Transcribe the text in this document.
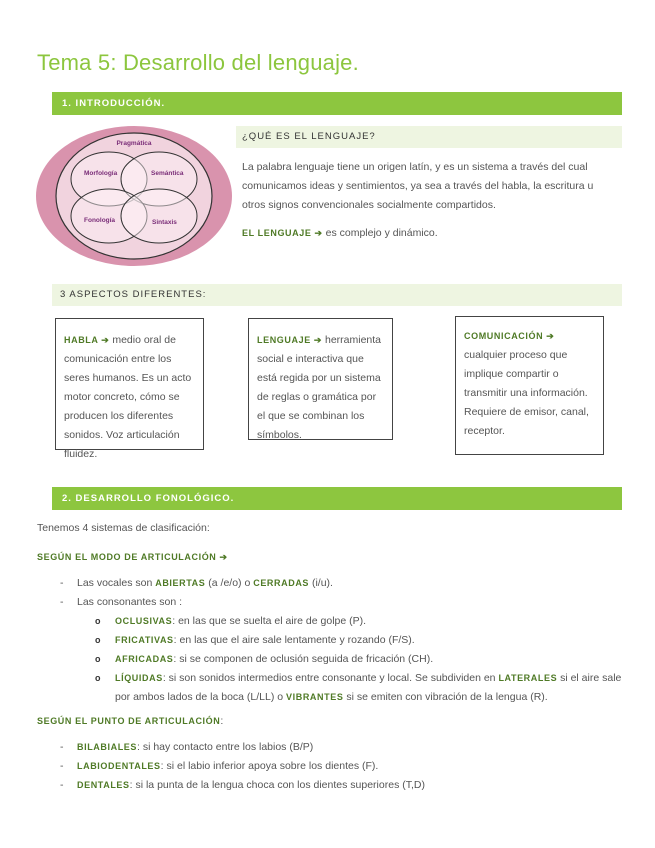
Tema 5: Desarrollo del lenguaje.
1. INTRODUCCIÓN.
Pragmática
Morfología	Semántica
Fonología	Sintaxis
¿QUÉ ES EL LENGUAJE?
La palabra lenguaje tiene un origen latín, y es un sistema a través del cual comunicamos ideas y sentimientos, ya sea a través del habla, la escritura u otros signos convencionales socialmente compartidos.
EL LENGUAJE ➔ es complejo y dinámico.
3 ASPECTOS DIFERENTES:
HABLA ➔ medio oral de comunicación entre los seres humanos. Es un acto motor concreto, cómo se producen los diferentes sonidos. Voz articulación fluidez.
LENGUAJE ➔ herramienta social e interactiva que está regida por un sistema de reglas o gramática por el que se combinan los símbolos.
COMUNICACIÓN ➔ cualquier proceso que implique compartir o transmitir una información. Requiere de emisor, canal, receptor.
2. DESARROLLO FONOLÓGICO.
Tenemos 4 sistemas de clasificación:
SEGÚN EL MODO DE ARTICULACIÓN ➔
- Las vocales son ABIERTAS (a /e/o) o CERRADAS (i/u).
- Las consonantes son :
o OCLUSIVAS: en las que se suelta el aire de golpe (P).
o FRICATIVAS: en las que el aire sale lentamente y rozando (F/S).
o AFRICADAS: si se componen de oclusión seguida de fricación (CH).
o LÍQUIDAS: si son sonidos intermedios entre consonante y local. Se subdividen en LATERALES si el aire sale por ambos lados de la boca (L/LL) o VIBRANTES si se emiten con vibración de la lengua (R).
SEGÚN EL PUNTO DE ARTICULACIÓN:
- BILABIALES: si hay contacto entre los labios (B/P)
- LABIODENTALES: si el labio inferior apoya sobre los dientes (F).
- DENTALES: si la punta de la lengua choca con los dientes superiores (T,D)
